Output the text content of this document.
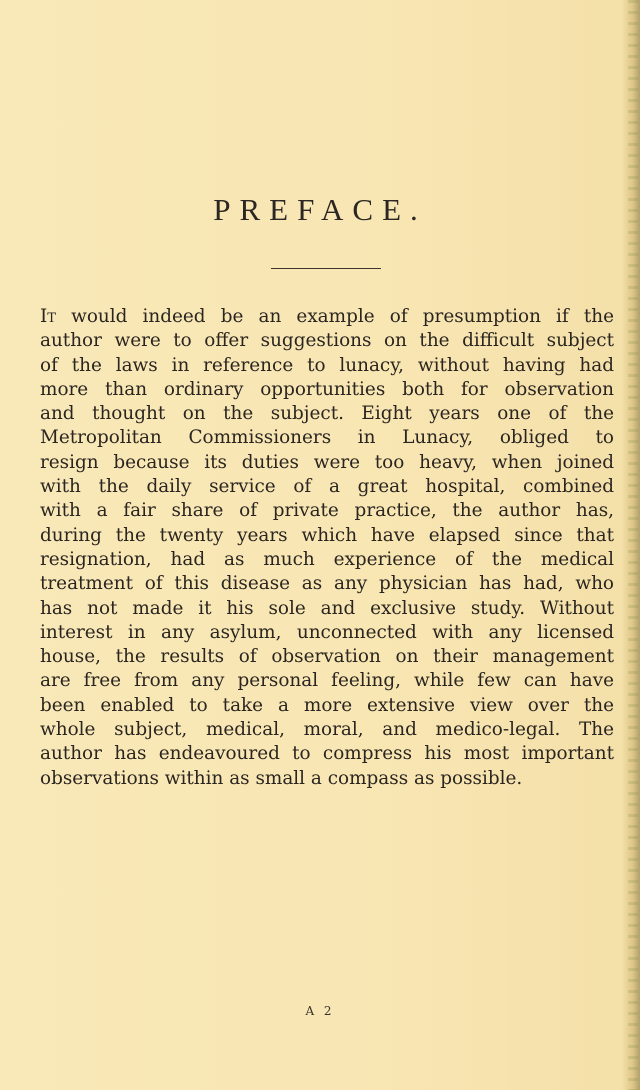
PREFACE.
It would indeed be an example of presumption if the
author were to offer suggestions on the difficult subject
of the laws in reference to lunacy, without having had
more than ordinary opportunities both for observation
and thought on the subject. Eight years one of the
Metropolitan Commissioners in Lunacy, obliged to
resign because its duties were too heavy, when joined
with the daily service of a great hospital, combined
with a fair share of private practice, the author has,
during the twenty years which have elapsed since that
resignation, had as much experience of the medical
treatment of this disease as any physician has had, who
has not made it his sole and exclusive study. Without
interest in any asylum, unconnected with any licensed
house, the results of observation on their management
are free from any personal feeling, while few can have
been enabled to take a more extensive view over the
whole subject, medical, moral, and medico-legal. The
author has endeavoured to compress his most important
observations within as small a compass as possible.
A 2
